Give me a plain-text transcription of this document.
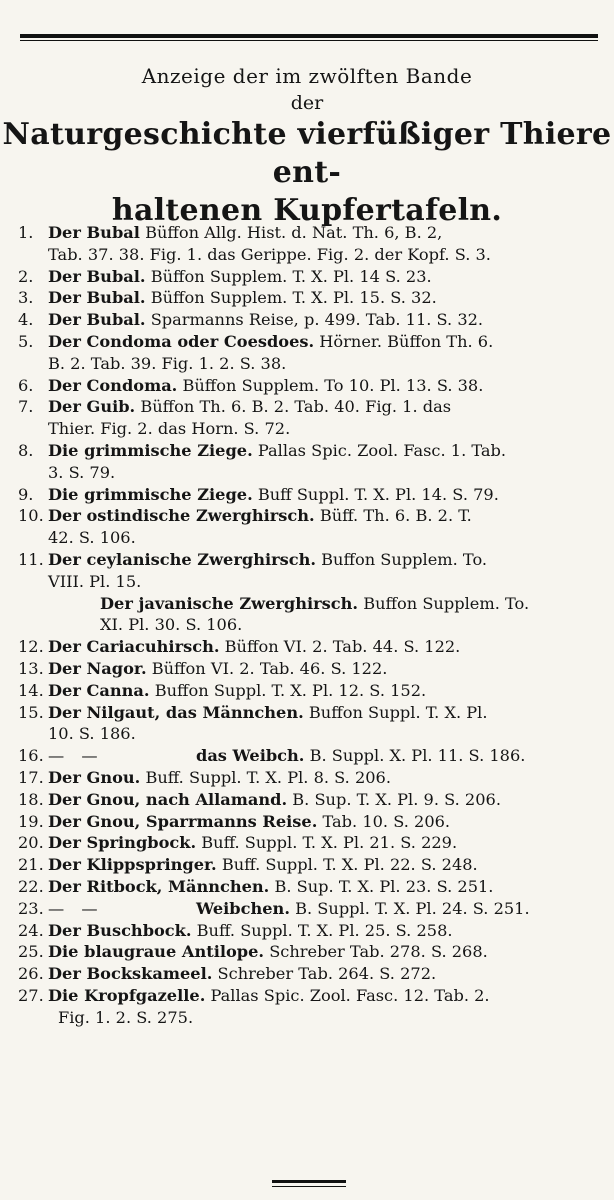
Anzeige der im zwölften Bande
der
Naturgeschichte vierfüßiger Thiere ent-
haltenen Kupfertafeln.
1. Der Bubal Büffon Allg. Hist. d. Nat. Th. 6, B. 2,
Tab. 37. 38. Fig. 1. das Gerippe. Fig. 2. der Kopf. S. 3.
2. Der Bubal. Büffon Supplem. T. X. Pl. 14 S. 23.
3. Der Bubal. Büffon Supplem. T. X. Pl. 15. S. 32.
4. Der Bubal. Sparmanns Reise, p. 499. Tab. 11. S. 32.
5. Der Condoma oder Coesdoes. Hörner. Büffon Th. 6.
B. 2. Tab. 39. Fig. 1. 2. S. 38.
6. Der Condoma. Büffon Supplem. To 10. Pl. 13. S. 38.
7. Der Guib. Büffon Th. 6. B. 2. Tab. 40. Fig. 1. das
Thier. Fig. 2. das Horn. S. 72.
8. Die grimmische Ziege. Pallas Spic. Zool. Fasc. 1. Tab.
3. S. 79.
9. Die grimmische Ziege. Buff Suppl. T. X. Pl. 14. S. 79.
10. Der ostindische Zwerghirsch. Büff. Th. 6. B. 2. T.
42. S. 106.
11. Der ceylanische Zwerghirsch. Buffon Supplem. To.
VIII. Pl. 15.
Der javanische Zwerghirsch. Buffon Supplem. To.
XI. Pl. 30. S. 106.
12. Der Cariacuhirsch. Büffon VI. 2. Tab. 44. S. 122.
13. Der Nagor. Büffon VI. 2. Tab. 46. S. 122.
14. Der Canna. Buffon Suppl. T. X. Pl. 12. S. 152.
15. Der Nilgaut, das Männchen. Buffon Suppl. T. X. Pl.
10. S. 186.
16. — —	das Weibch. B. Suppl. X. Pl. 11. S. 186.
17. Der Gnou. Buff. Suppl. T. X. Pl. 8. S. 206.
18. Der Gnou, nach Allamand. B. Sup. T. X. Pl. 9. S. 206.
19. Der Gnou, Sparrmanns Reise. Tab. 10. S. 206.
20. Der Springbock. Buff. Suppl. T. X. Pl. 21. S. 229.
21. Der Klippspringer. Buff. Suppl. T. X. Pl. 22. S. 248.
22. Der Ritbock, Männchen. B. Sup. T. X. Pl. 23. S. 251.
23. — —	Weibchen. B. Suppl. T. X. Pl. 24. S. 251.
24. Der Buschbock. Buff. Suppl. T. X. Pl. 25. S. 258.
25. Die blaugraue Antilope. Schreber Tab. 278. S. 268.
26. Der Bockskameel. Schreber Tab. 264. S. 272.
27. Die Kropfgazelle. Pallas Spic. Zool. Fasc. 12. Tab. 2.
Fig. 1. 2. S. 275.
